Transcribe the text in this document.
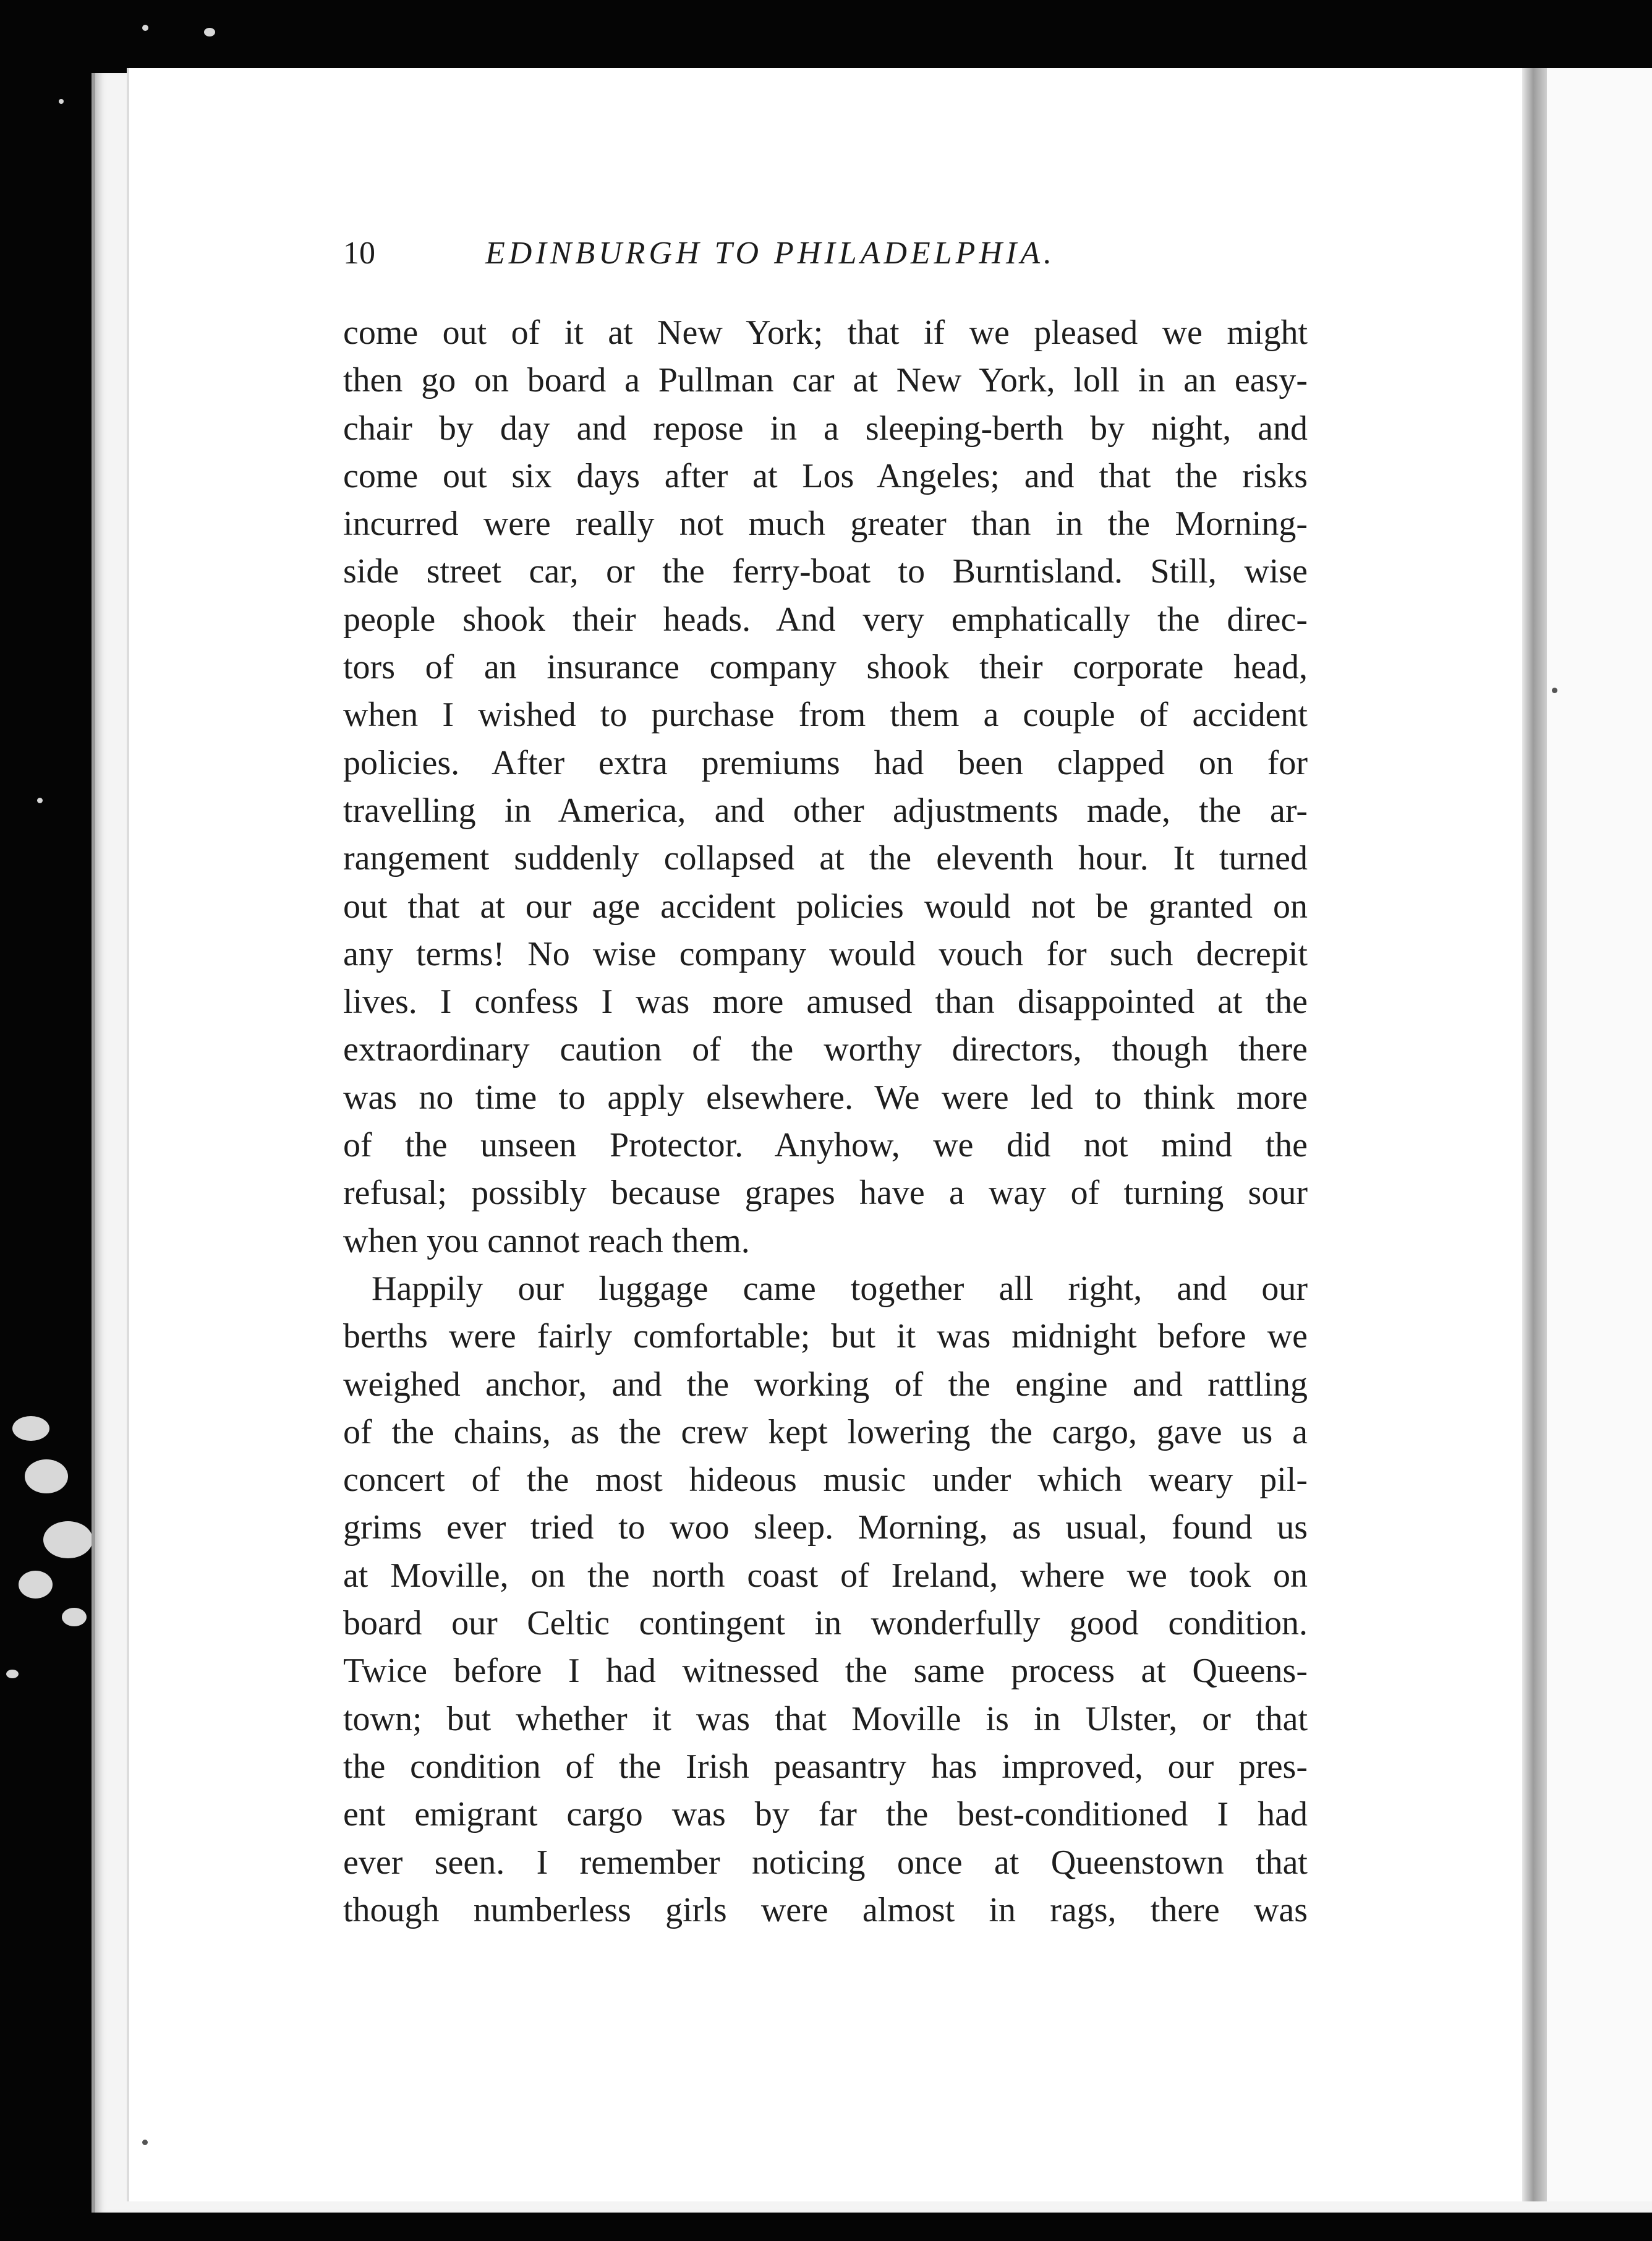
10	EDINBURGH TO PHILADELPHIA.
come out of it at New York; that if we pleased we might
then go on board a Pullman car at New York, loll in an easy-
chair by day and repose in a sleeping-berth by night, and
come out six days after at Los Angeles; and that the risks
incurred were really not much greater than in the Morning-
side street car, or the ferry-boat to Burntisland. Still, wise
people shook their heads. And very emphatically the direc-
tors of an insurance company shook their corporate head,
when I wished to purchase from them a couple of accident
policies. After extra premiums had been clapped on for
travelling in America, and other adjustments made, the ar-
rangement suddenly collapsed at the eleventh hour. It turned
out that at our age accident policies would not be granted on
any terms! No wise company would vouch for such decrepit
lives. I confess I was more amused than disappointed at the
extraordinary caution of the worthy directors, though there
was no time to apply elsewhere. We were led to think more
of the unseen Protector. Anyhow, we did not mind the
refusal; possibly because grapes have a way of turning sour
when you cannot reach them.
Happily our luggage came together all right, and our
berths were fairly comfortable; but it was midnight before we
weighed anchor, and the working of the engine and rattling
of the chains, as the crew kept lowering the cargo, gave us a
concert of the most hideous music under which weary pil-
grims ever tried to woo sleep. Morning, as usual, found us
at Moville, on the north coast of Ireland, where we took on
board our Celtic contingent in wonderfully good condition.
Twice before I had witnessed the same process at Queens-
town; but whether it was that Moville is in Ulster, or that
the condition of the Irish peasantry has improved, our pres-
ent emigrant cargo was by far the best-conditioned I had
ever seen. I remember noticing once at Queenstown that
though numberless girls were almost in rags, there was
